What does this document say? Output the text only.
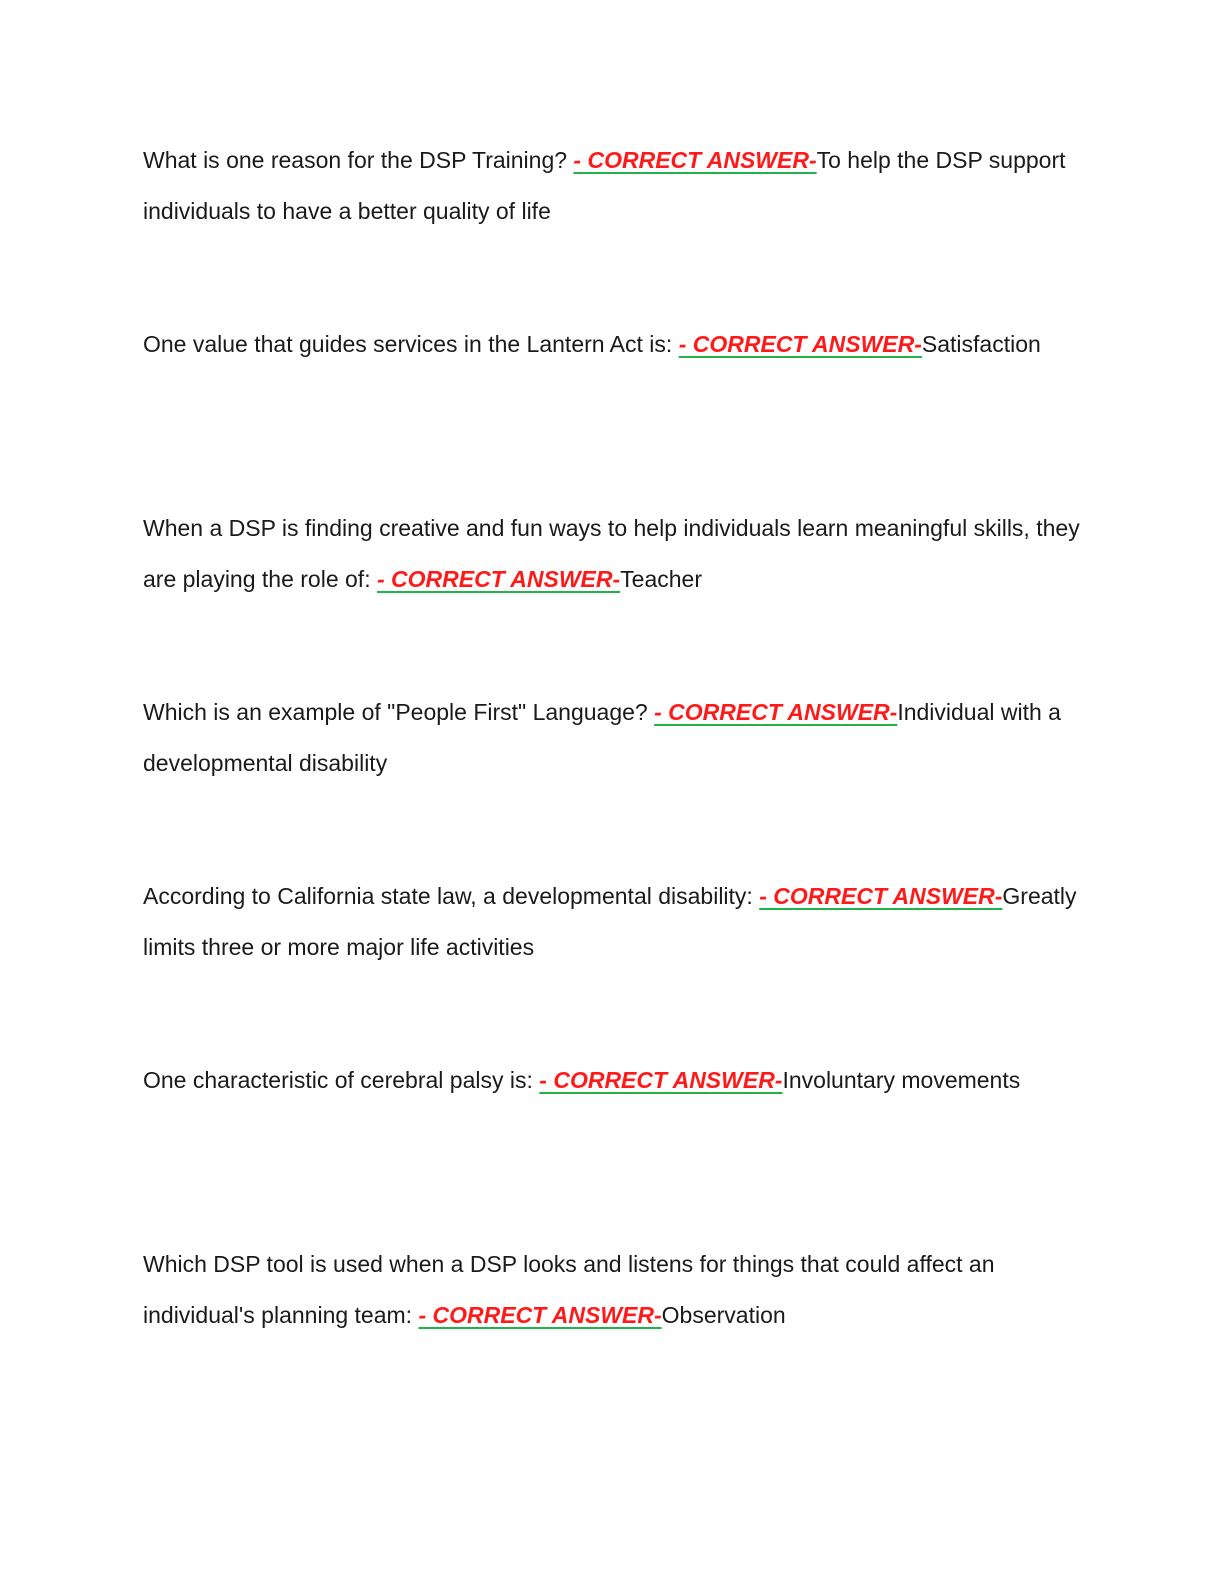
What is one reason for the DSP Training? - CORRECT ANSWER-To help the DSP support individuals to have a better quality of life

One value that guides services in the Lantern Act is: - CORRECT ANSWER-Satisfaction

When a DSP is finding creative and fun ways to help individuals learn meaningful skills, they are playing the role of: - CORRECT ANSWER-Teacher

Which is an example of "People First" Language? - CORRECT ANSWER-Individual with a developmental disability

According to California state law, a developmental disability: - CORRECT ANSWER-Greatly limits three or more major life activities

One characteristic of cerebral palsy is: - CORRECT ANSWER-Involuntary movements

Which DSP tool is used when a DSP looks and listens for things that could affect an individual's planning team: - CORRECT ANSWER-Observation
